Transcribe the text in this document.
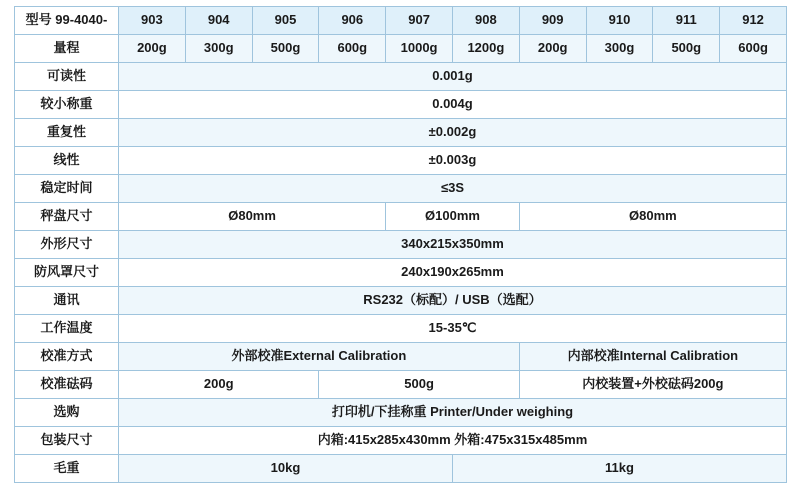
型号 99-4040-	903	904	905	906	907	908	909	910	911	912
量程	200g	300g	500g	600g	1000g	1200g	200g	300g	500g	600g
可读性	0.001g									
较小称重	0.004g									
重复性	±0.002g									
线性	±0.003g									
稳定时间	≤3S									
秤盘尺寸	Ø80mm				Ø100mm		Ø80mm			
外形尺寸	340x215x350mm									
防风罩尺寸	240x190x265mm									
通讯	RS232（标配）/ USB（选配）									
工作温度	15-35℃									
校准方式	外部校准External Calibration						内部校准Internal Calibration			
校准砝码	200g			500g			内校装置+外校砝码200g			
选购	打印机/下挂称重 Printer/Under weighing									
包装尺寸	内箱:415x285x430mm 外箱:475x315x485mm									
毛重	10kg					11kg				
